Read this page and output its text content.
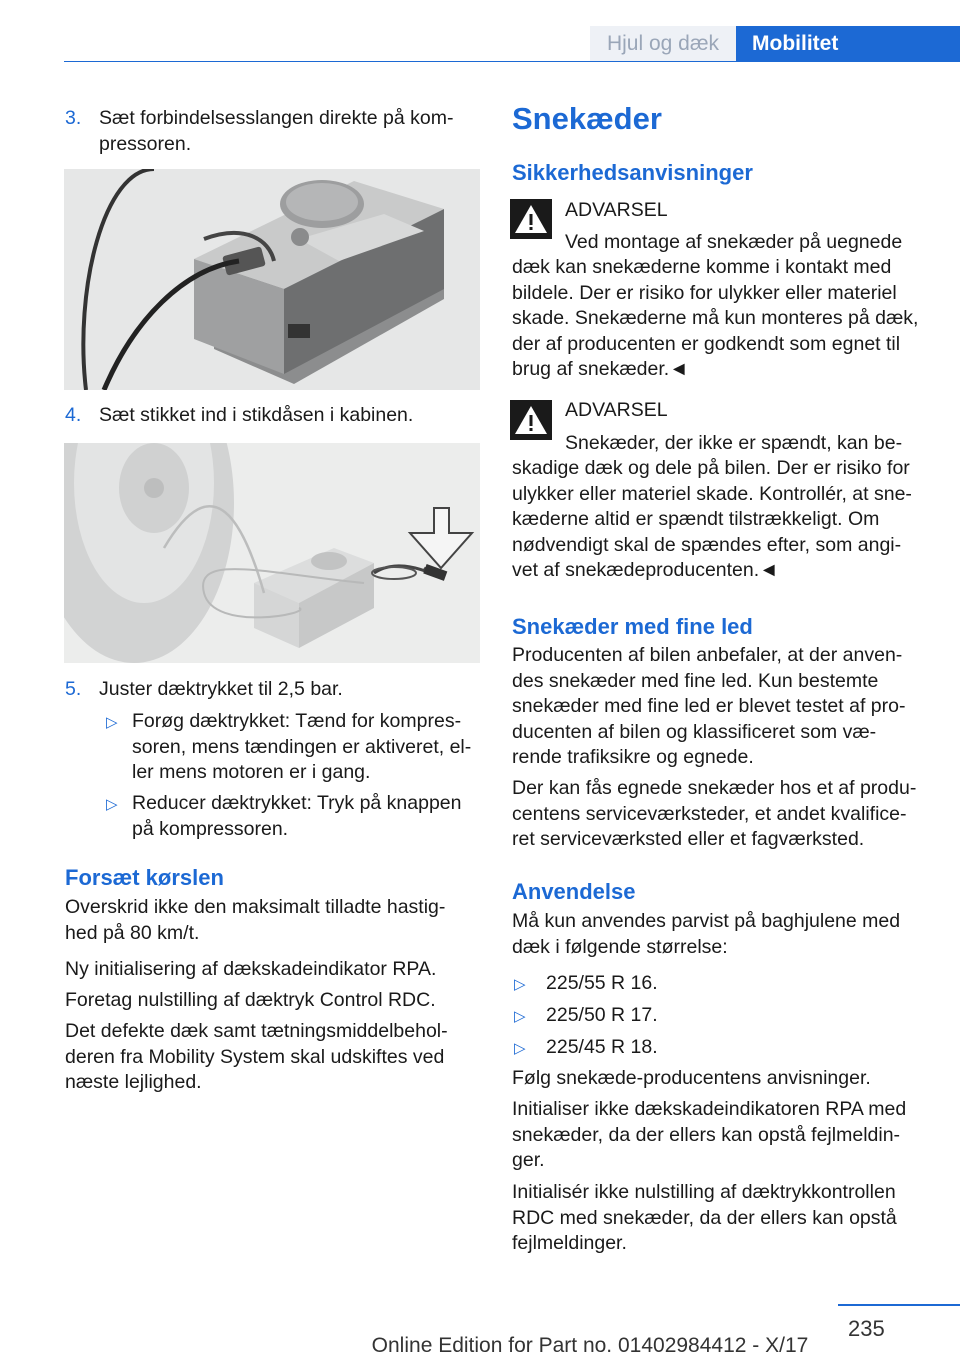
Hjul og dæk	Mobilitet
3. Sæt forbindelsesslangen direkte på kom‐
pressoren.
4. Sæt stikket ind i stikdåsen i kabinen.
5. Juster dæktrykket til 2,5 bar.
▷ Forøg dæktrykket: Tænd for kompres‐
soren, mens tændingen er aktiveret, el‐
ler mens motoren er i gang.
▷ Reducer dæktrykket: Tryk på knappen
på kompressoren.
Forsæt kørslen
Overskrid ikke den maksimalt tilladte hastig‐
hed på 80 km/t.
Ny initialisering af dækskadeindikator RPA.
Foretag nulstilling af dæktryk Control RDC.
Det defekte dæk samt tætningsmiddelbehol‐
deren fra Mobility System skal udskiftes ved
næste lejlighed.
Snekæder
Sikkerhedsanvisninger
ADVARSEL
Ved montage af snekæder på uegnede
dæk kan snekæderne komme i kontakt med
bildele. Der er risiko for ulykker eller materiel
skade. Snekæderne må kun monteres på dæk,
der af producenten er godkendt som egnet til
brug af snekæder.◄
ADVARSEL
Snekæder, der ikke er spændt, kan be‐
skadige dæk og dele på bilen. Der er risiko for
ulykker eller materiel skade. Kontrollér, at sne‐
kæderne altid er spændt tilstrækkeligt. Om
nødvendigt skal de spændes efter, som angi‐
vet af snekædeproducenten.◄
Snekæder med fine led
Producenten af bilen anbefaler, at der anven‐
des snekæder med fine led. Kun bestemte
snekæder med fine led er blevet testet af pro‐
ducenten af bilen og klassificeret som væ‐
rende trafiksikre og egnede.
Der kan fås egnede snekæder hos et af produ‐
centens serviceværksteder, et andet kvalifice‐
ret serviceværksted eller et fagværksted.
Anvendelse
Må kun anvendes parvist på baghjulene med
dæk i følgende størrelse:
▷ 225/55 R 16.
▷ 225/50 R 17.
▷ 225/45 R 18.
Følg snekæde-producentens anvisninger.
Initialiser ikke dækskadeindikatoren RPA med
snekæder, da der ellers kan opstå fejlmeldin‐
ger.
Initialisér ikke nulstilling af dæktrykkontrollen
RDC med snekæder, da der ellers kan opstå
fejlmeldinger.
235
Online Edition for Part no. 01402984412 - X/17
